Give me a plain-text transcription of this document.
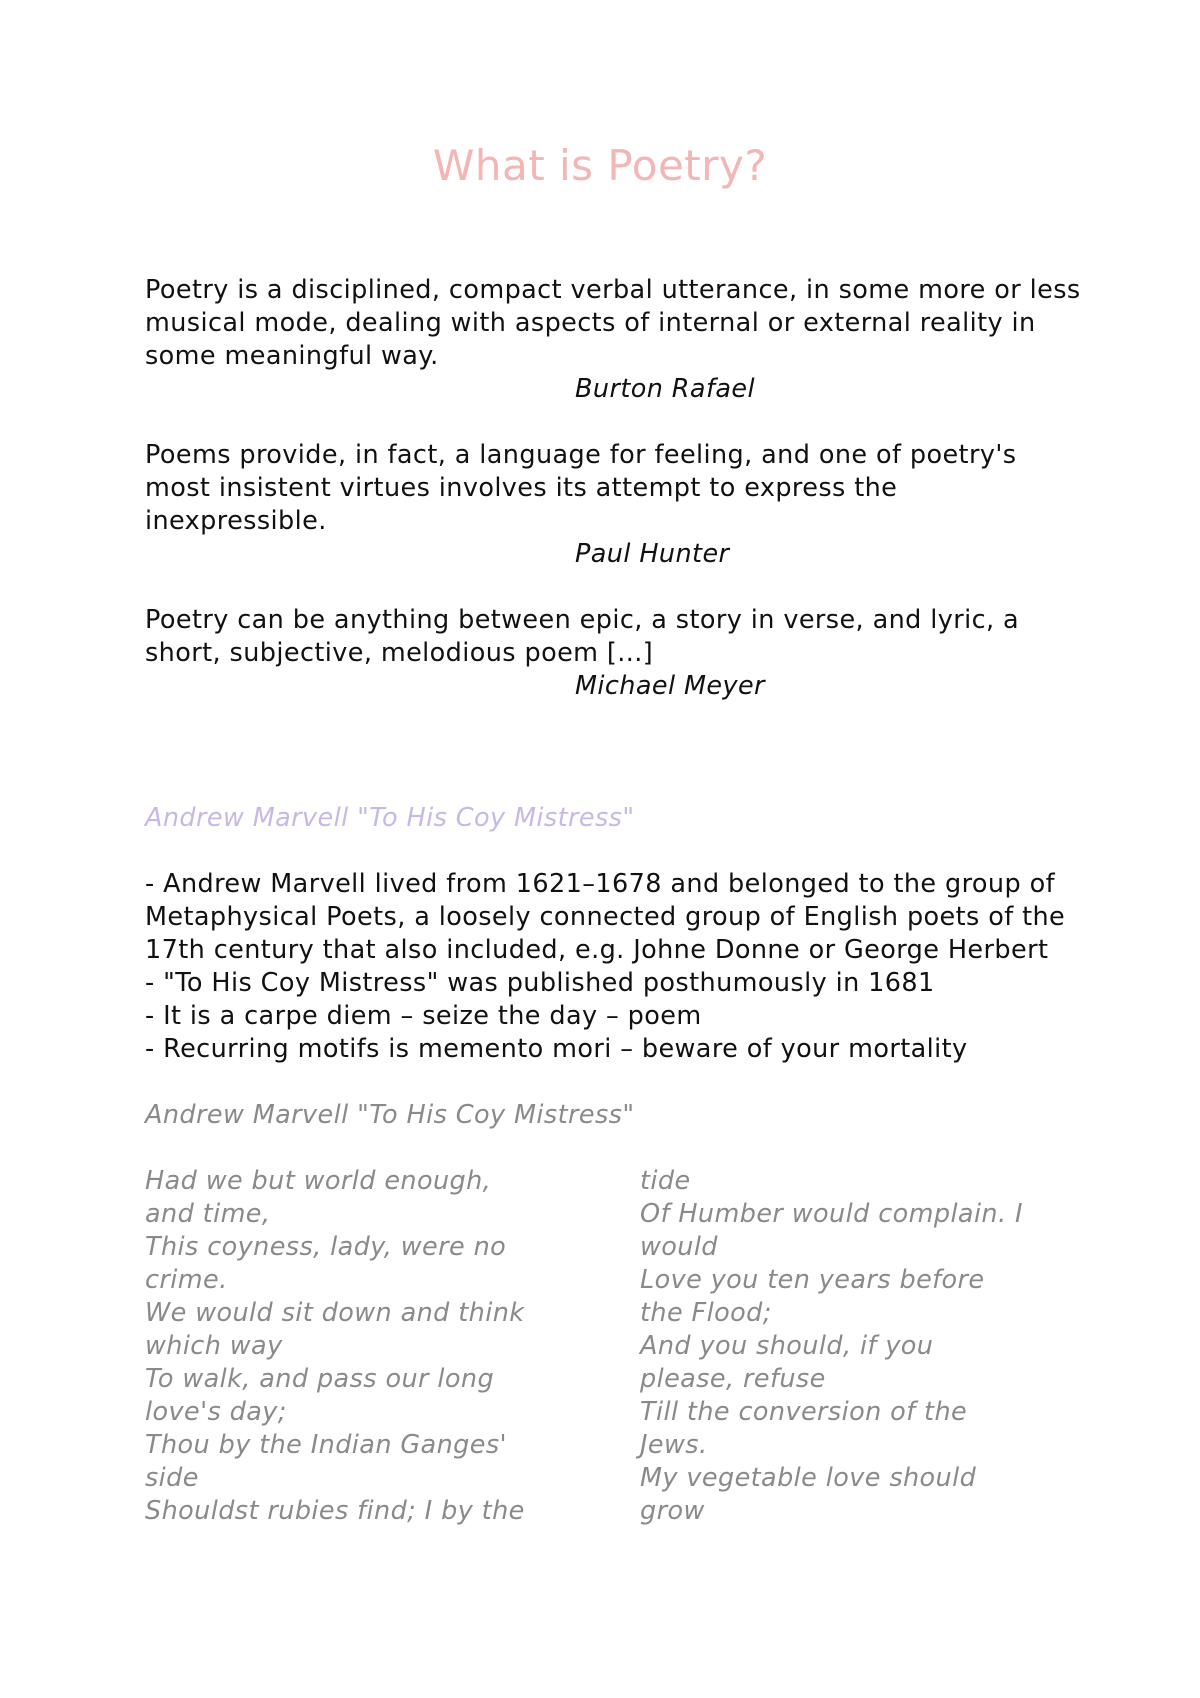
What is Poetry?

Poetry is a disciplined, compact verbal utterance, in some more or less musical mode, dealing with aspects of internal or external reality in some meaningful way.

Burton Rafael

Poems provide, in fact, a language for feeling, and one of poetry's most insistent virtues involves its attempt to express the inexpressible.

Paul Hunter

Poetry can be anything between epic, a story in verse, and lyric, a short, subjective, melodious poem [...]

Michael Meyer

Andrew Marvell "To His Coy Mistress"

- Andrew Marvell lived from 1621–1678 and belonged to the group of Metaphysical Poets, a loosely connected group of English poets of the 17th century that also included, e.g. Johne Donne or George Herbert
- "To His Coy Mistress" was published posthumously in 1681
- It is a carpe diem – seize the day – poem
- Recurring motifs is memento mori – beware of your mortality

Andrew Marvell "To His Coy Mistress"

Had we but world enough,
and time,
This coyness, lady, were no
crime.
We would sit down and think
which way
To walk, and pass our long
love's day;
Thou by the Indian Ganges'
side
Shouldst rubies find; I by the
tide
Of Humber would complain. I
would
Love you ten years before
the Flood;
And you should, if you
please, refuse
Till the conversion of the
Jews.
My vegetable love should
grow
